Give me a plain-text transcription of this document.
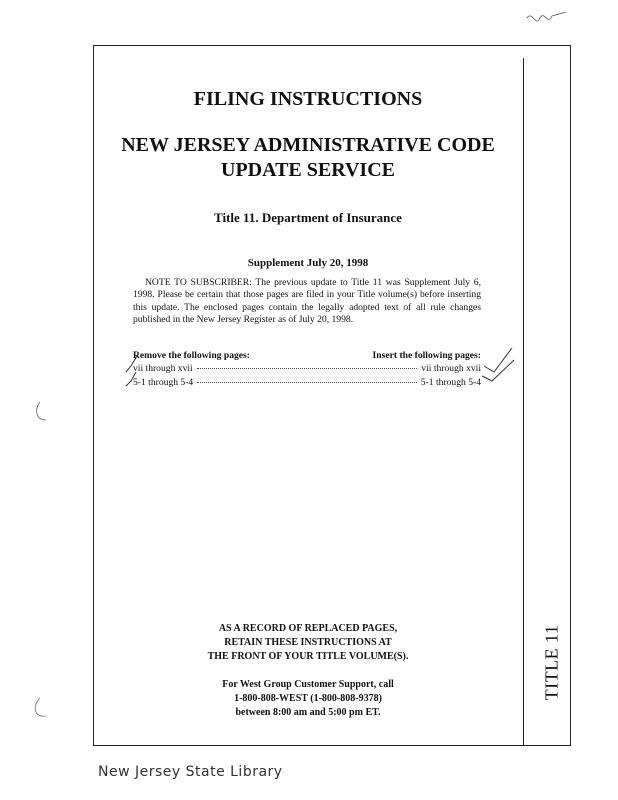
TITLE 11
FILING INSTRUCTIONS
NEW JERSEY ADMINISTRATIVE CODE
UPDATE SERVICE
Title 11. Department of Insurance
Supplement July 20, 1998
NOTE TO SUBSCRIBER: The previous update to Title 11 was Supplement July 6, 1998. Please be certain that those pages are filed in your Title volume(s) before inserting this update. The enclosed pages contain the legally adopted text of all rule changes published in the New Jersey Register as of July 20, 1998.
Remove the following pages:	Insert the following pages:
vii through xvii	vii through xvii
5-1 through 5-4	5-1 through 5-4
AS A RECORD OF REPLACED PAGES,
RETAIN THESE INSTRUCTIONS AT
THE FRONT OF YOUR TITLE VOLUME(S).
For West Group Customer Support, call
1-800-808-WEST (1-800-808-9378)
between 8:00 am and 5:00 pm ET.
New Jersey State Library
